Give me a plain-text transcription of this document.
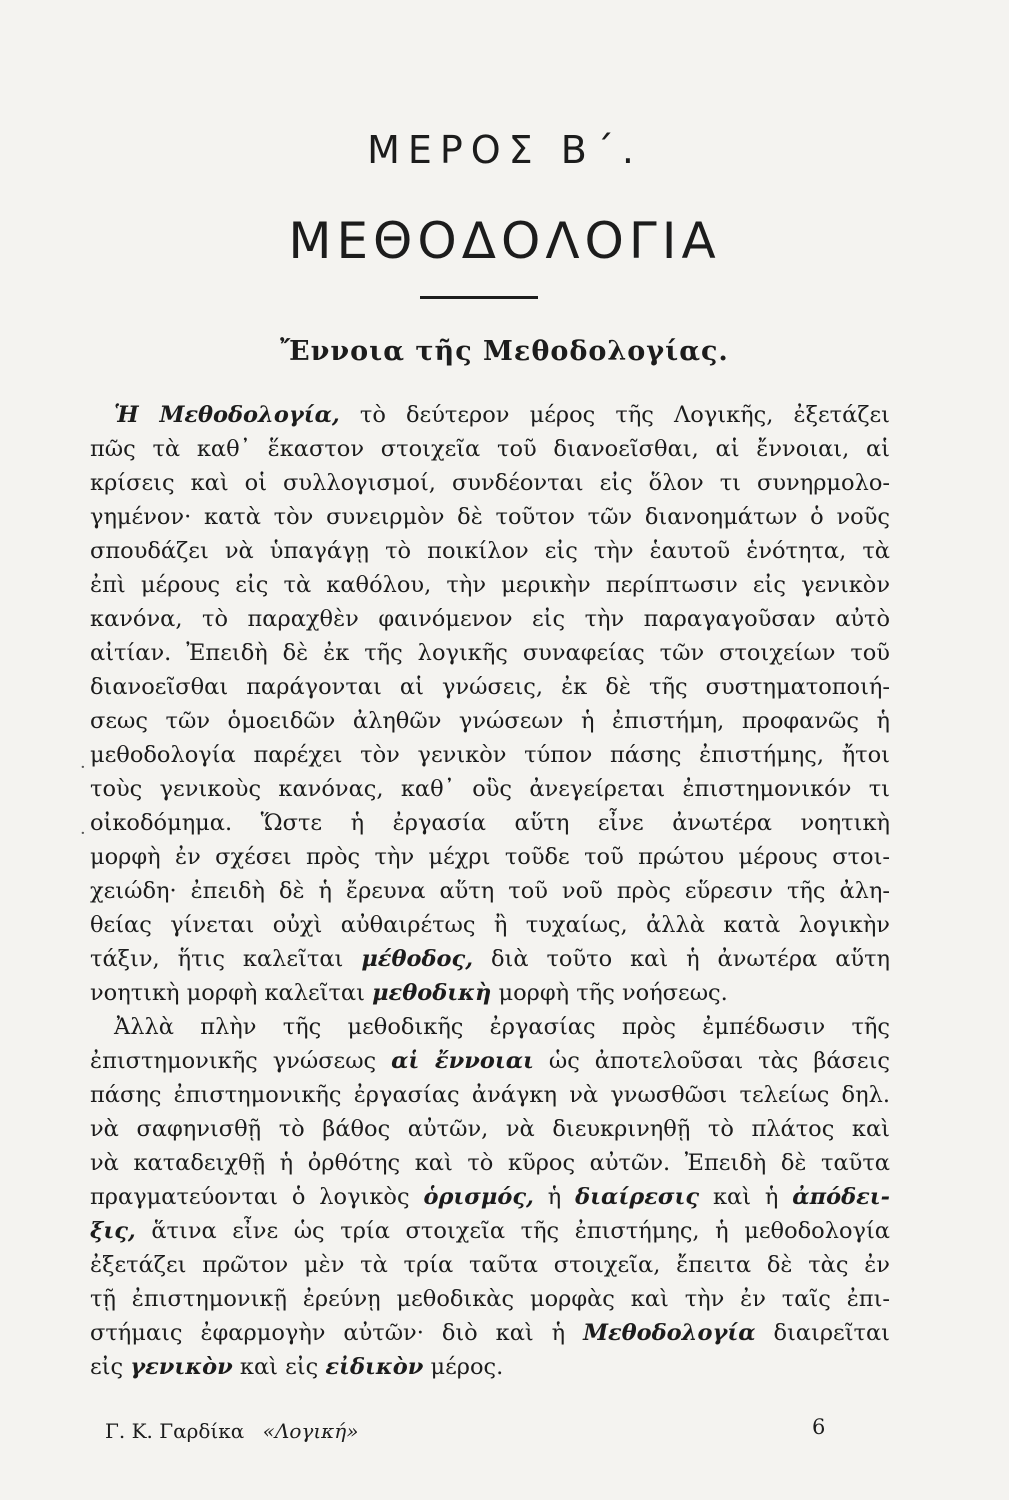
ΜΕΡΟΣ Β΄.
ΜΕΘΟΔΟΛΟΓΙΑ
Ἔννοια τῆς Μεθοδολογίας.
Ἡ Μεθοδολογία, τὸ δεύτερον μέρος τῆς Λογικῆς, ἐξετάζει
πῶς τὰ καθ᾽ ἕκαστον στοιχεῖα τοῦ διανοεῖσθαι, αἱ ἔννοιαι, αἱ
κρίσεις καὶ οἱ συλλογισμοί, συνδέονται εἰς ὅλον τι συνηρμολο-
γημένον· κατὰ τὸν συνειρμὸν δὲ τοῦτον τῶν διανοημάτων ὁ νοῦς
σπουδάζει νὰ ὑπαγάγῃ τὸ ποικίλον εἰς τὴν ἑαυτοῦ ἑνότητα, τὰ
ἐπὶ μέρους εἰς τὰ καθόλου, τὴν μερικὴν περίπτωσιν εἰς γενικὸν
κανόνα, τὸ παραχθὲν φαινόμενον εἰς τὴν παραγαγοῦσαν αὐτὸ
αἰτίαν. Ἐπειδὴ δὲ ἐκ τῆς λογικῆς συναφείας τῶν στοιχείων τοῦ
διανοεῖσθαι παράγονται αἱ γνώσεις, ἐκ δὲ τῆς συστηματοποιή-
σεως τῶν ὁμοειδῶν ἀληθῶν γνώσεων ἡ ἐπιστήμη, προφανῶς ἡ
μεθοδολογία παρέχει τὸν γενικὸν τύπον πάσης ἐπιστήμης, ἤτοι
τοὺς γενικοὺς κανόνας, καθ᾽ οὓς ἀνεγείρεται ἐπιστημονικόν τι
οἰκοδόμημα. Ὥστε ἡ ἐργασία αὕτη εἶνε ἀνωτέρα νοητικὴ
μορφὴ ἐν σχέσει πρὸς τὴν μέχρι τοῦδε τοῦ πρώτου μέρους στοι-
χειώδη· ἐπειδὴ δὲ ἡ ἔρευνα αὕτη τοῦ νοῦ πρὸς εὕρεσιν τῆς ἀλη-
θείας γίνεται οὐχὶ αὐθαιρέτως ἢ τυχαίως, ἀλλὰ κατὰ λογικὴν
τάξιν, ἥτις καλεῖται μέθοδος, διὰ τοῦτο καὶ ἡ ἀνωτέρα αὕτη
νοητικὴ μορφὴ καλεῖται μεθοδικὴ μορφὴ τῆς νοήσεως.
Ἀλλὰ πλὴν τῆς μεθοδικῆς ἐργασίας πρὸς ἐμπέδωσιν τῆς
ἐπιστημονικῆς γνώσεως αἱ ἔννοιαι ὡς ἀποτελοῦσαι τὰς βάσεις
πάσης ἐπιστημονικῆς ἐργασίας ἀνάγκη νὰ γνωσθῶσι τελείως δηλ.
νὰ σαφηνισθῇ τὸ βάθος αὐτῶν, νὰ διευκρινηθῇ τὸ πλάτος καὶ
νὰ καταδειχθῇ ἡ ὀρθότης καὶ τὸ κῦρος αὐτῶν. Ἐπειδὴ δὲ ταῦτα
πραγματεύονται ὁ λογικὸς ὁρισμός, ἡ διαίρεσις καὶ ἡ ἀπόδει-
ξις, ἅτινα εἶνε ὡς τρία στοιχεῖα τῆς ἐπιστήμης, ἡ μεθοδολογία
ἐξετάζει πρῶτον μὲν τὰ τρία ταῦτα στοιχεῖα, ἔπειτα δὲ τὰς ἐν
τῇ ἐπιστημονικῇ ἐρεύνῃ μεθοδικὰς μορφὰς καὶ τὴν ἐν ταῖς ἐπι-
στήμαις ἐφαρμογὴν αὐτῶν· διὸ καὶ ἡ Μεθοδολογία διαιρεῖται
εἰς γενικὸν καὶ εἰς εἰδικὸν μέρος.
·
·
Γ. Κ. Γαρδίκα «Λογική»	6
